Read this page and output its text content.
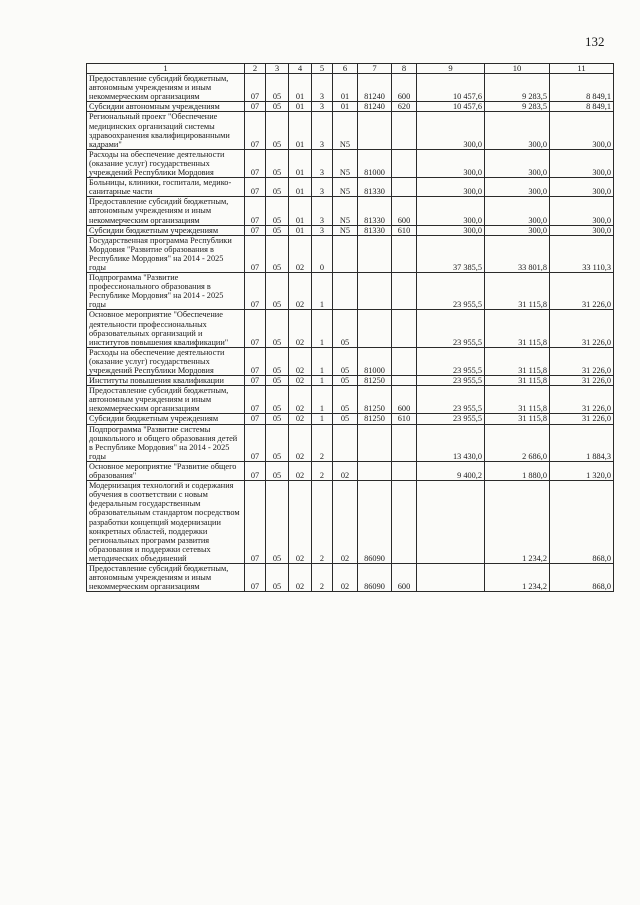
132
1	2	3	4	5	6	7	8	9	10	11
Предоставление субсидий бюджетным, автономным учреждениям и иным некоммерческим организациям	07	05	01	3	01	81240	600	10 457,6	9 283,5	8 849,1
Субсидии автономным учреждениям	07	05	01	3	01	81240	620	10 457,6	9 283,5	8 849,1
Региональный проект "Обеспечение медицинских организаций системы здравоохранения квалифицированными кадрами"	07	05	01	3	N5			300,0	300,0	300,0
Расходы на обеспечение деятельности (оказание услуг) государственных учреждений Республики Мордовия	07	05	01	3	N5	81000		300,0	300,0	300,0
Больницы, клиники, госпитали, медико-санитарные части	07	05	01	3	N5	81330		300,0	300,0	300,0
Предоставление субсидий бюджетным, автономным учреждениям и иным некоммерческим организациям	07	05	01	3	N5	81330	600	300,0	300,0	300,0
Субсидии бюджетным учреждениям	07	05	01	3	N5	81330	610	300,0	300,0	300,0
Государственная программа Республики Мордовия "Развитие образования в Республике Мордовия" на 2014 - 2025 годы	07	05	02	0				37 385,5	33 801,8	33 110,3
Подпрограмма "Развитие профессионального образования в Республике Мордовия" на 2014 - 2025 годы	07	05	02	1				23 955,5	31 115,8	31 226,0
Основное мероприятие "Обеспечение деятельности профессиональных образовательных организаций и институтов повышения квалификации"	07	05	02	1	05			23 955,5	31 115,8	31 226,0
Расходы на обеспечение деятельности (оказание услуг) государственных учреждений Республики Мордовия	07	05	02	1	05	81000		23 955,5	31 115,8	31 226,0
Институты повышения квалификации	07	05	02	1	05	81250		23 955,5	31 115,8	31 226,0
Предоставление субсидий бюджетным, автономным учреждениям и иным некоммерческим организациям	07	05	02	1	05	81250	600	23 955,5	31 115,8	31 226,0
Субсидии бюджетным учреждениям	07	05	02	1	05	81250	610	23 955,5	31 115,8	31 226,0
Подпрограмма "Развитие системы дошкольного и общего образования детей в Республике Мордовия" на 2014 - 2025 годы	07	05	02	2				13 430,0	2 686,0	1 884,3
Основное мероприятие "Развитие общего образования"	07	05	02	2	02			9 400,2	1 880,0	1 320,0
Модернизация технологий и содержания обучения в соответствии с новым федеральным государственным образовательным стандартом посредством разработки концепций модернизации конкретных областей, поддержки региональных программ развития образования и поддержки сетевых методических объединений	07	05	02	2	02	86090			1 234,2	868,0
Предоставление субсидий бюджетным, автономным учреждениям и иным некоммерческим организациям	07	05	02	2	02	86090	600		1 234,2	868,0
